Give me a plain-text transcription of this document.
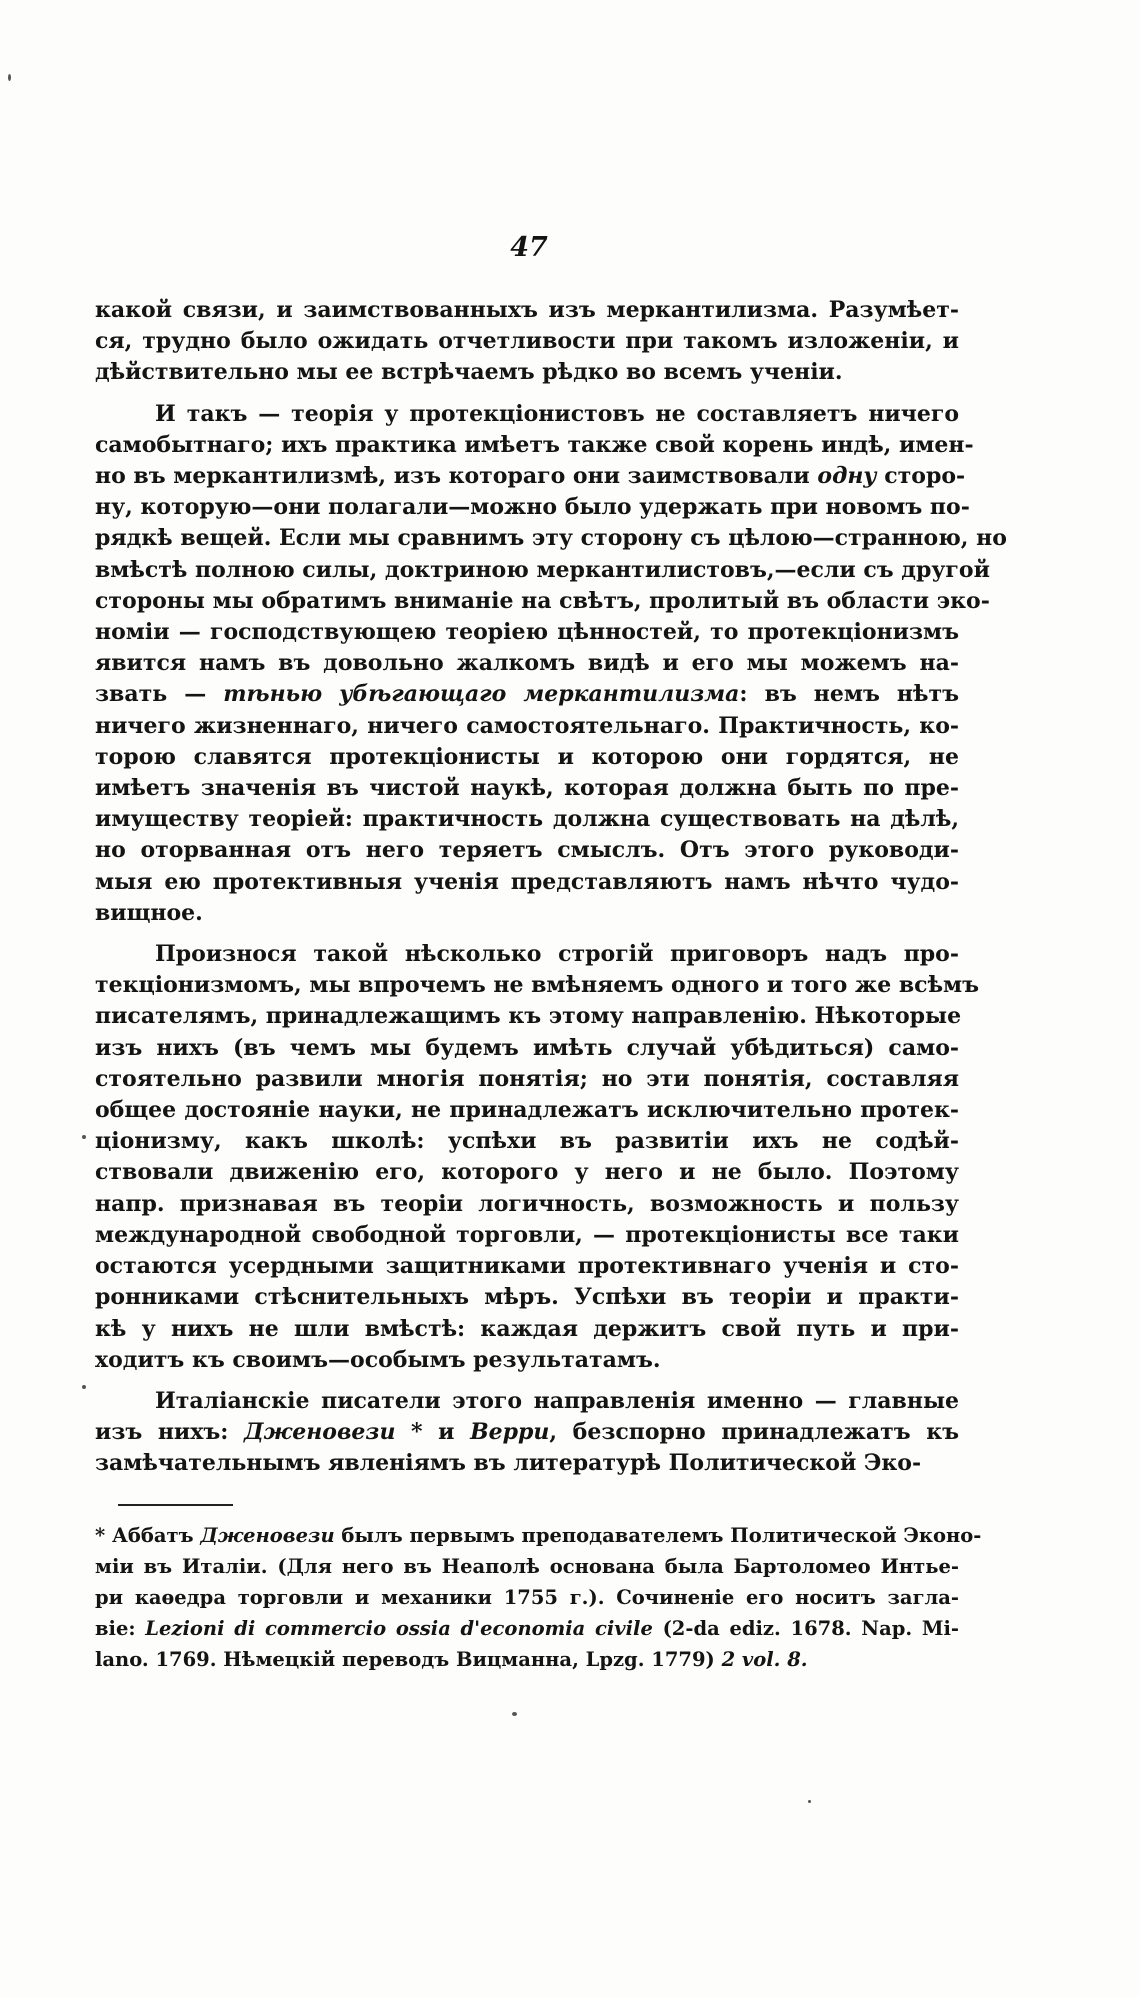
47
какой связи, и заимствованныхъ изъ меркантилизма. Разумѣет-
ся, трудно было ожидать отчетливости при такомъ изложеніи, и
дѣйствительно мы ее встрѣчаемъ рѣдко во всемъ ученіи.
И такъ — теорія у протекціонистовъ не составляетъ ничего
самобытнаго; ихъ практика имѣетъ также свой корень индѣ, имен-
но въ меркантилизмѣ, изъ котораго они заимствовали одну сторо-
ну, которую—они полагали—можно было удержать при новомъ по-
рядкѣ вещей. Если мы сравнимъ эту сторону съ цѣлою—странною, но
вмѣстѣ полною силы, доктриною меркантилистовъ,—если съ другой
стороны мы обратимъ вниманіе на свѣтъ, пролитый въ области эко-
номіи — господствующею теоріею цѣнностей, то протекціонизмъ
явится намъ въ довольно жалкомъ видѣ и его мы можемъ на-
звать — тѣнью убѣгающаго меркантилизма: въ немъ нѣтъ
ничего жизненнаго, ничего самостоятельнаго. Практичность, ко-
торою славятся протекціонисты и которою они гордятся, не
имѣетъ значенія въ чистой наукѣ, которая должна быть по пре-
имуществу теоріей: практичность должна существовать на дѣлѣ,
но оторванная отъ него теряетъ смыслъ. Отъ этого руководи-
мыя ею протективныя ученія представляютъ намъ нѣчто чудо-
вищное.
Произнося такой нѣсколько строгій приговоръ надъ про-
текціонизмомъ, мы впрочемъ не вмѣняемъ одного и того же всѣмъ
писателямъ, принадлежащимъ къ этому направленію. Нѣкоторые
изъ нихъ (въ чемъ мы будемъ имѣть случай убѣдиться) само-
стоятельно развили многія понятія; но эти понятія, составляя
общее достояніе науки, не принадлежатъ исключительно протек-
ціонизму, какъ школѣ: успѣхи въ развитіи ихъ не содѣй-
ствовали движенію его, которого у него и не было. Поэтому
напр. признавая въ теоріи логичность, возможность и пользу
международной свободной торговли, — протекціонисты все таки
остаются усердными защитниками протективнаго ученія и сто-
ронниками стѣснительныхъ мѣръ. Успѣхи въ теоріи и практи-
кѣ у нихъ не шли вмѣстѣ: каждая держитъ свой путь и при-
ходитъ къ своимъ—особымъ результатамъ.
Италіанскіе писатели этого направленія именно — главные
изъ нихъ: Дженовези * и Верри, безспорно принадлежатъ къ
замѣчательнымъ явленіямъ въ литературѣ Политической Эко-
* Аббатъ Дженовези былъ первымъ преподавателемъ Политической Эконо-
міи въ Италіи. (Для него въ Неаполѣ основана была Бартоломео Интье-
ри каѳедра торговли и механики 1755 г.). Сочиненіе его носитъ загла-
віе: Lezioni di commercio ossia d'economia civile (2-da ediz. 1678. Nap. Mi-
lano. 1769. Нѣмецкій переводъ Вицманна, Lpzg. 1779) 2 vol. 8.
